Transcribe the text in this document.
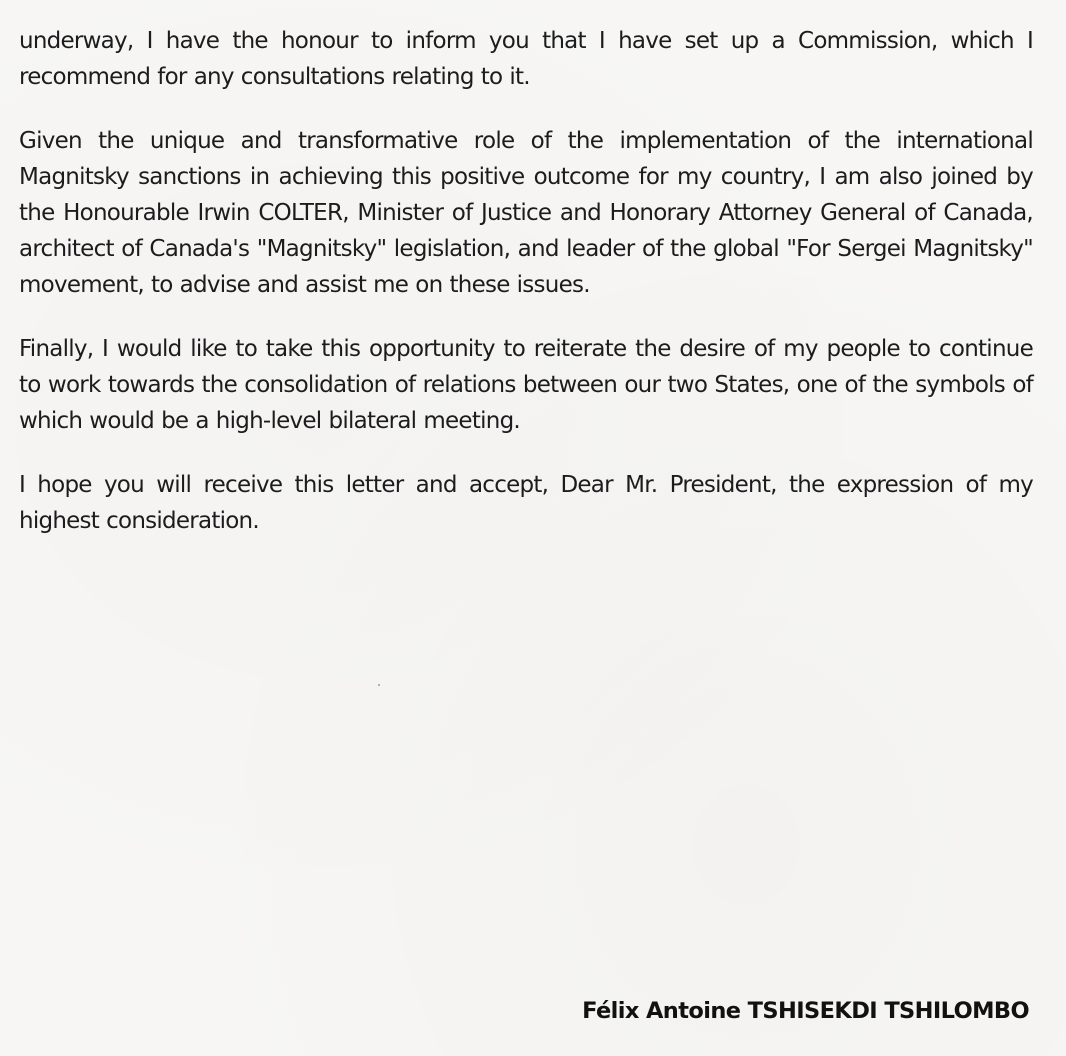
underway, I have the honour to inform you that I have set up a Commission, which I recommend for any consultations relating to it.

Given the unique and transformative role of the implementation of the international Magnitsky sanctions in achieving this positive outcome for my country, I am also joined by the Honourable Irwin COLTER, Minister of Justice and Honorary Attorney General of Canada, architect of Canada's "Magnitsky" legislation, and leader of the global "For Sergei Magnitsky" movement, to advise and assist me on these issues.

Finally, I would like to take this opportunity to reiterate the desire of my people to continue to work towards the consolidation of relations between our two States, one of the symbols of which would be a high-level bilateral meeting.

I hope you will receive this letter and accept, Dear Mr. President, the expression of my highest consideration.

Félix Antoine TSHISEKDI TSHILOMBO
